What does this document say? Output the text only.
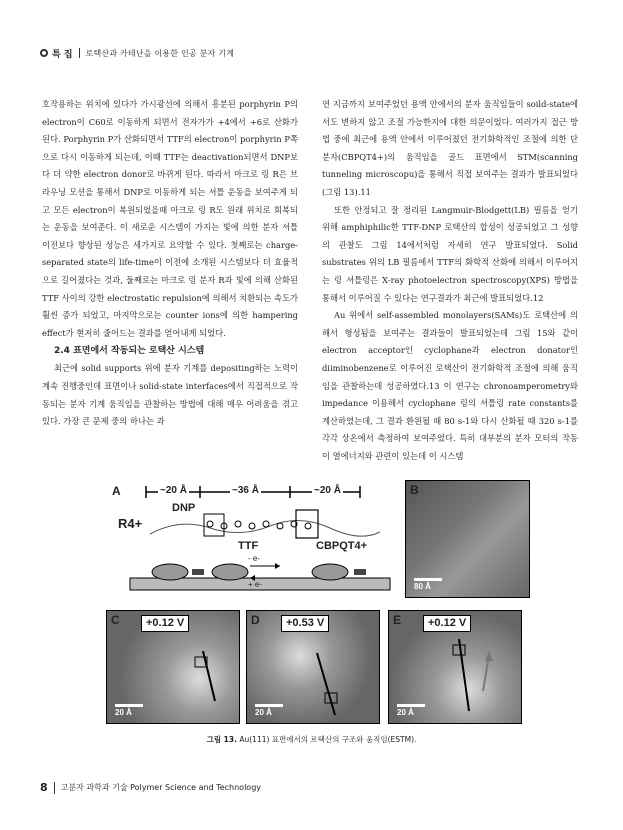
특 집 로택산과 카테난을 이용한 인공 분자 기계

호작용하는 위치에 있다가 가시광선에 의해서 흥분된 porphyrin P의 electron이 C60로 이동하게 되면서 전자가가 +4에서 +6로 산화가 된다. Porphyrin P가 산화되면서 TTF의 electron이 porphyrin P쪽으로 다시 이동하게 되는데, 이때 TTF는 deactivation되면서 DNP보다 더 약한 electron donor로 바뀌게 된다. 따라서 마크로 링 R은 브라우닝 모션을 통해서 DNP로 이동하게 되는 셔틀 운동을 보여주게 되고 모든 electron이 복원되었을때 마크로 링 R도 원래 위치로 회복되는 운동을 보여준다. 이 새로운 시스템이 가지는 빛에 의한 분자 셔틀 이전보다 향상된 성능은 세가지로 요약할 수 있다. 첫째로는 charge-separated state의 life-time이 이전에 소개된 시스템보다 더 효율적으로 길어졌다는 것과, 둘째로는 마크로 링 분자 R과 빛에 의해 산화된 TTF 사이의 강한 electrostatic repulsion에 의해서 치환되는 속도가 훨씬 증가 되었고, 마지막으로는 counter ions에 의한 hampering effect가 현저히 줄어드는 결과를 얻어내게 되었다.

2.4 표면에서 작동되는 로택산 시스템

최근에 solid supports 위에 분자 기계를 depositing하는 노력이 계속 진행중인데 표면이나 solid-state interfaces에서 직접적으로 작동되는 분자 기계 움직임을 관찰하는 방법에 대해 매우 어려움을 겪고 있다. 가장 큰 문제 중의 하나는 과

연 지금까지 보여주었던 용액 안에서의 분자 움직임들이 soild-state에서도 변하지 않고 조절 가능한지에 대한 의문이었다. 여러가지 접근 방법 중에 최근에 용액 안에서 이루어졌던 전기화학적인 조절에 의한 단분자(CBPQT4+)의 움직임을 골드 표면에서 STM(scanning tunneling microscopu)을 통해서 직접 보여주는 결과가 발표되었다(그림 13).11

또한 안정되고 잘 정리된 Langmuir-Blodgett(LB) 필름을 얻기 위해 amphiphilic한 TTF-DNP 로택산의 합성이 성공되었고 그 성향의 관찰도 그림 14에서처럼 자세히 연구 발표되었다. Solid substrates 위의 LB 필름에서 TTF의 화학적 산화에 의해서 이루어지는 링 셔틀링은 X-ray photoelectron spectroscopy(XPS) 방법을 통해서 이루어질 수 있다는 연구결과가 최근에 발표되었다.12

Au 위에서 self-assembled monolayers(SAMs)도 로택산에 의해서 형성됨을 보여주는 결과들이 발표되었는데 그림 15와 같이 electron acceptor인 cyclophane과 electron donator인 diiminobenzene로 이루어진 로택산이 전기화학적 조절에 의해 움직임을 관찰하는데 성공하였다.13 이 연구는 chronoamperometry와 impedance 이용해서 cyclophane 링의 셔틀링 rate constants를 계산하였는데, 그 결과 환원될 때 80 s-1와 다시 산화될 때 320 s-1를 각각 상온에서 측정하여 보여주었다. 특히 대부분의 분자 모터의 작동이 열에너지와 관련이 있는데 이 시스템

A	~20 Å	~36 Å	~20 Å
R4+
DNP
TTF	CBPQT4+
- e-
+ e-
B
80 Å
C	+0.12 V
20 Å
D	+0.53 V
20 Å
E	+0.12 V
20 Å
그림 13. Au(111) 표면에서의 로택산의 구조와 움직임(ESTM).
8 고분자 과학과 기술 Polymer Science and Technology
